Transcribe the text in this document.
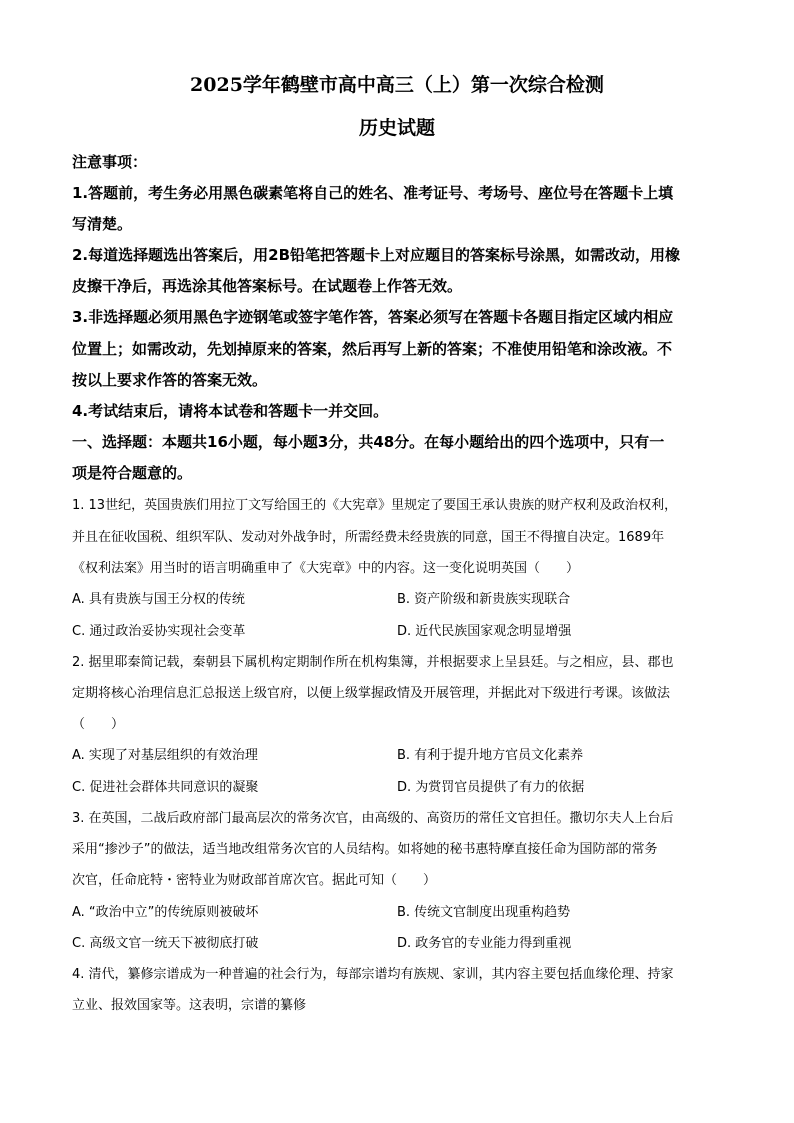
2025学年鹤壁市高中高三（上）第一次综合检测
历史试题
注意事项：
1.答题前，考生务必用黑色碳素笔将自己的姓名、准考证号、考场号、座位号在答题卡上填
写清楚。
2.每道选择题选出答案后，用2B铅笔把答题卡上对应题目的答案标号涂黑，如需改动，用橡
皮擦干净后，再选涂其他答案标号。在试题卷上作答无效。
3.非选择题必须用黑色字迹钢笔或签字笔作答，答案必须写在答题卡各题目指定区域内相应
位置上；如需改动，先划掉原来的答案，然后再写上新的答案；不准使用铅笔和涂改液。不
按以上要求作答的答案无效。
4.考试结束后，请将本试卷和答题卡一并交回。
一、选择题：本题共16小题，每小题3分，共48分。在每小题给出的四个选项中，只有一
项是符合题意的。
1. 13世纪，英国贵族们用拉丁文写给国王的《大宪章》里规定了要国王承认贵族的财产权利及政治权利，
并且在征收国税、组织军队、发动对外战争时，所需经费未经贵族的同意，国王不得擅自决定。1689年
《权利法案》用当时的语言明确重申了《大宪章》中的内容。这一变化说明英国（　　）
A. 具有贵族与国王分权的传统	B. 资产阶级和新贵族实现联合
C. 通过政治妥协实现社会变革	D. 近代民族国家观念明显增强
2. 据里耶秦简记载，秦朝县下属机构定期制作所在机构集簿，并根据要求上呈县廷。与之相应，县、郡也
定期将核心治理信息汇总报送上级官府，以便上级掌握政情及开展管理，并据此对下级进行考课。该做法
（　　）
A. 实现了对基层组织的有效治理	B. 有利于提升地方官员文化素养
C. 促进社会群体共同意识的凝聚	D. 为赏罚官员提供了有力的依据
3. 在英国，二战后政府部门最高层次的常务次官，由高级的、高资历的常任文官担任。撒切尔夫人上台后
采用“掺沙子”的做法，适当地改组常务次官的人员结构。如将她的秘书惠特摩直接任命为国防部的常务
次官，任命庇特・密特业为财政部首席次官。据此可知（　　）
A. “政治中立”的传统原则被破坏	B. 传统文官制度出现重构趋势
C. 高级文官一统天下被彻底打破	D. 政务官的专业能力得到重视
4. 清代，纂修宗谱成为一种普遍的社会行为，每部宗谱均有族规、家训，其内容主要包括血缘伦理、持家
立业、报效国家等。这表明，宗谱的纂修
